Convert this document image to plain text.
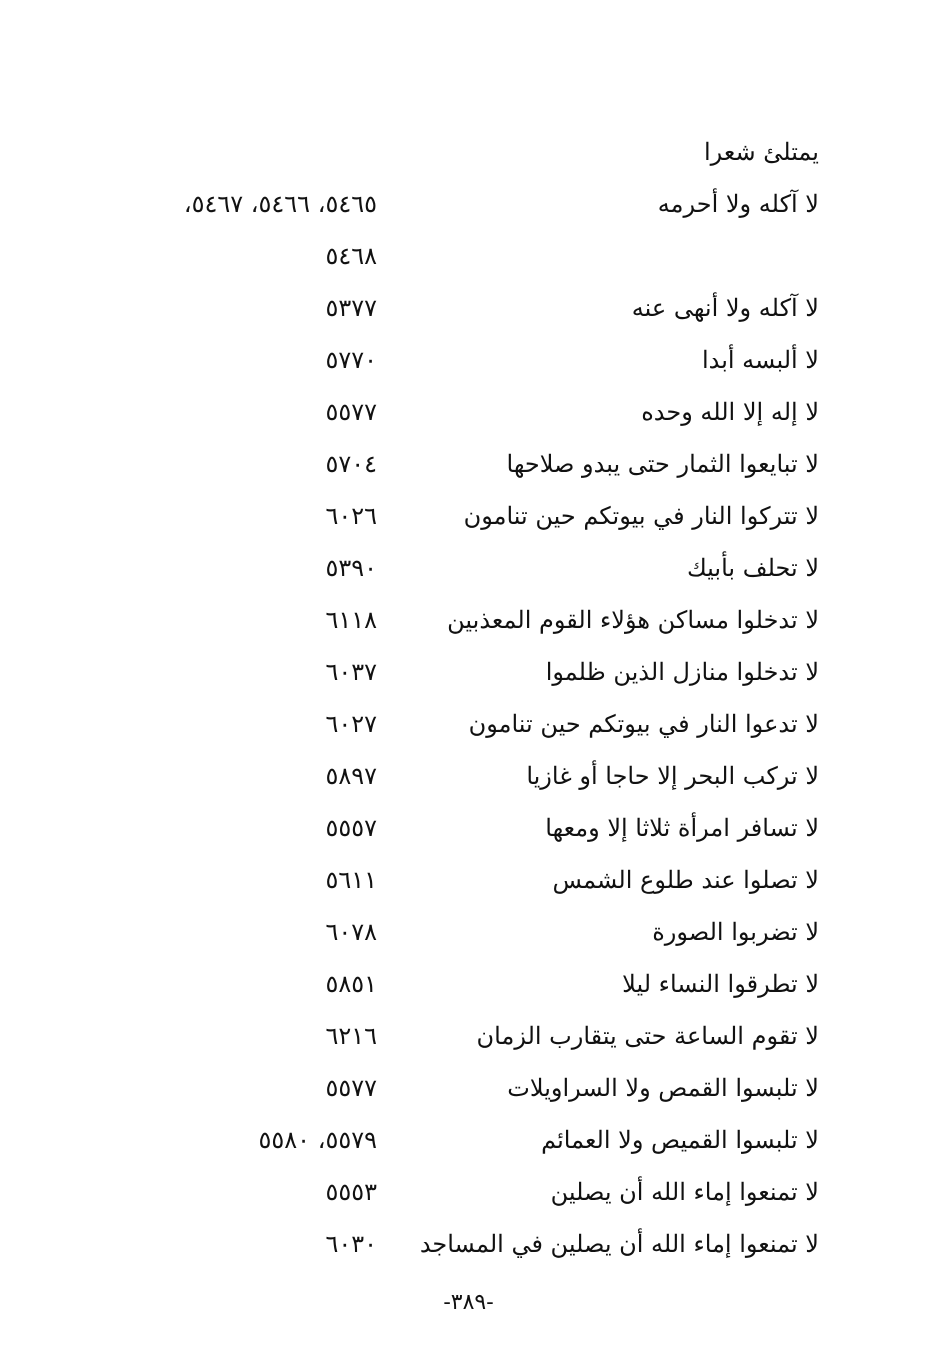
يمتلئ شعرا
لا آكله ولا أحرمه
٥٤٦٥، ٥٤٦٦، ٥٤٦٧،
٥٤٦٨
لا آكله ولا أنهى عنه
٥٣٧٧
لا ألبسه أبدا
٥٧٧٠
لا إله إلا الله وحده
٥٥٧٧
لا تبايعوا الثمار حتى يبدو صلاحها
٥٧٠٤
لا تتركوا النار في بيوتكم حين تنامون
٦٠٢٦
لا تحلف بأبيك
٥٣٩٠
لا تدخلوا مساكن هؤلاء القوم المعذبين
٦١١٨
لا تدخلوا منازل الذين ظلموا
٦٠٣٧
لا تدعوا النار في بيوتكم حين تنامون
٦٠٢٧
لا تركب البحر إلا حاجا أو غازيا
٥٨٩٧
لا تسافر امرأة ثلاثا إلا ومعها
٥٥٥٧
لا تصلوا عند طلوع الشمس
٥٦١١
لا تضربوا الصورة
٦٠٧٨
لا تطرقوا النساء ليلا
٥٨٥١
لا تقوم الساعة حتى يتقارب الزمان
٦٢١٦
لا تلبسوا القمص ولا السراويلات
٥٥٧٧
لا تلبسوا القميص ولا العمائم
٥٥٧٩، ٥٥٨٠
لا تمنعوا إماء الله أن يصلين
٥٥٥٣
لا تمنعوا إماء الله أن يصلين في المساجد
٦٠٣٠
-٣٨٩-
